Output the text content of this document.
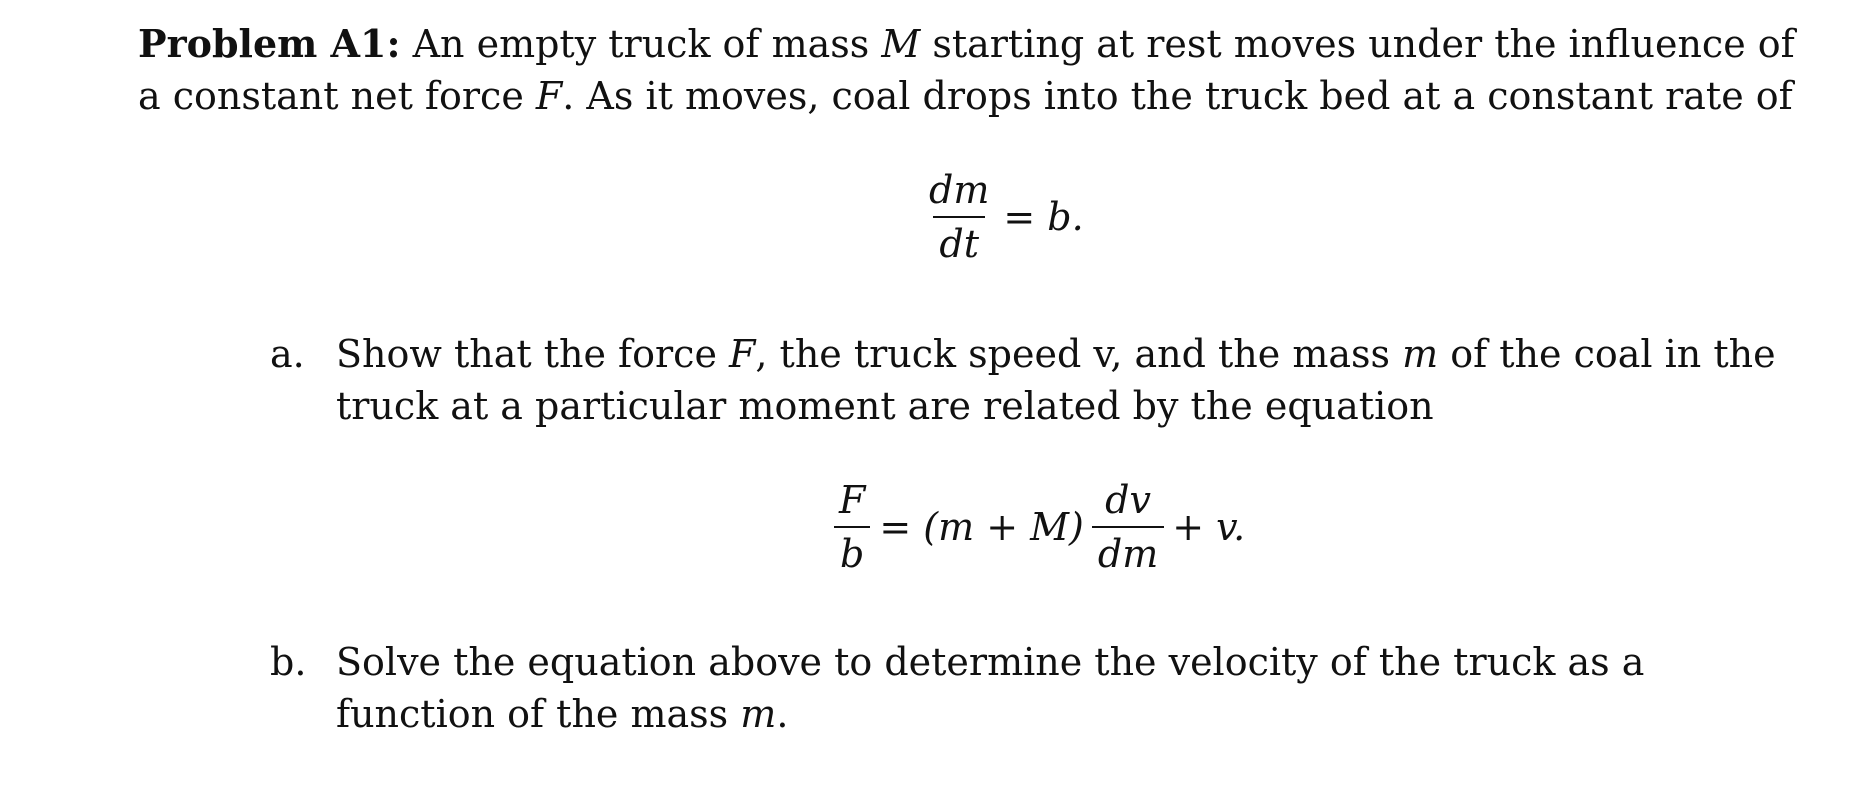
Problem A1: An empty truck of mass M starting at rest moves under the influence of a constant net force F. As it moves, coal drops into the truck bed at a constant rate of
$\frac{dm}{dt} = b$.
a. Show that the force F, the truck speed v, and the mass m of the coal in the truck at a particular moment are related by the equation
$\frac{F}{b} = (m + M) \frac{dv}{dm} + v$.
b. Solve the equation above to determine the velocity of the truck as a function of the mass m.
